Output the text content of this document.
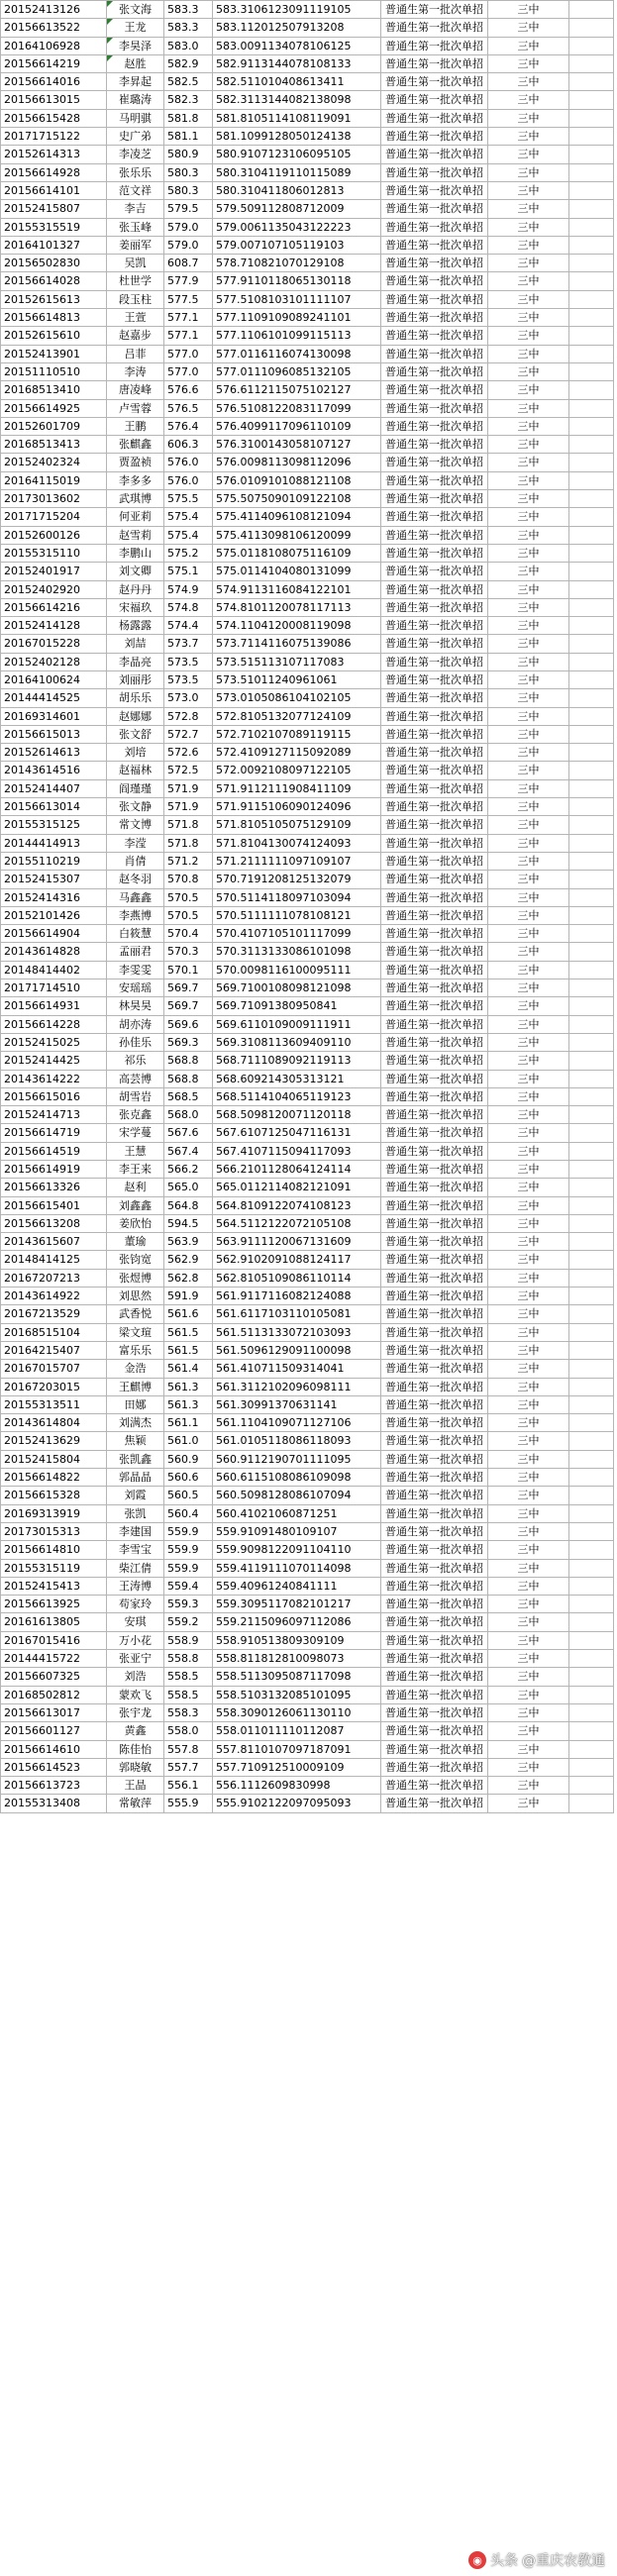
20152413126	张文海	583.3	583.3106123091119105	普通生第一批次单招	三中	
20156613522	王龙	583.3	583.112012507913208	普通生第一批次单招	三中	
20164106928	李昊泽	583.0	583.0091134078106125	普通生第一批次单招	三中	
20156614219	赵胜	582.9	582.9113144078108133	普通生第一批次单招	三中	
20156614016	李昇起	582.5	582.511010408613411	普通生第一批次单招	三中	
20156613015	崔璐涛	582.3	582.3113144082138098	普通生第一批次单招	三中	
20156615428	马明骐	581.8	581.8105114108119091	普通生第一批次单招	三中	
20171715122	史广弟	581.1	581.1099128050124138	普通生第一批次单招	三中	
20152614313	李凌芝	580.9	580.9107123106095105	普通生第一批次单招	三中	
20156614928	张乐乐	580.3	580.3104119110115089	普通生第一批次单招	三中	
20156614101	范文祥	580.3	580.310411806012813	普通生第一批次单招	三中	
20152415807	李吉	579.5	579.509112808712009	普通生第一批次单招	三中	
20155315519	张玉峰	579.0	579.0061135043122223	普通生第一批次单招	三中	
20164101327	姜丽军	579.0	579.007107105119103	普通生第一批次单招	三中	
20156502830	吴凯	608.7	578.710821070129108	普通生第一批次单招	三中	
20156614028	杜世学	577.9	577.9110118065130118	普通生第一批次单招	三中	
20152615613	段玉柱	577.5	577.5108103101111107	普通生第一批次单招	三中	
20156614813	王萱	577.1	577.1109109089241101	普通生第一批次单招	三中	
20152615610	赵嘉步	577.1	577.1106101099115113	普通生第一批次单招	三中	
20152413901	吕菲	577.0	577.0116116074130098	普通生第一批次单招	三中	
20151110510	李涛	577.0	577.0111096085132105	普通生第一批次单招	三中	
20168513410	唐凌峰	576.6	576.6112115075102127	普通生第一批次单招	三中	
20156614925	卢雪蓉	576.5	576.5108122083117099	普通生第一批次单招	三中	
20152601709	王鹏	576.4	576.4099117096110109	普通生第一批次单招	三中	
20168513413	张麒鑫	606.3	576.3100143058107127	普通生第一批次单招	三中	
20152402324	贾盈祯	576.0	576.0098113098112096	普通生第一批次单招	三中	
20164115019	李多多	576.0	576.0109101088121108	普通生第一批次单招	三中	
20173013602	武琪博	575.5	575.5075090109122108	普通生第一批次单招	三中	
20171715204	何亚莉	575.4	575.4114096108121094	普通生第一批次单招	三中	
20152600126	赵雪莉	575.4	575.4113098106120099	普通生第一批次单招	三中	
20155315110	李鹏山	575.2	575.0118108075116109	普通生第一批次单招	三中	
20152401917	刘文卿	575.1	575.0114104080131099	普通生第一批次单招	三中	
20152402920	赵丹丹	574.9	574.9113116084122101	普通生第一批次单招	三中	
20156614216	宋福玖	574.8	574.8101120078117113	普通生第一批次单招	三中	
20152414128	杨露露	574.4	574.1104120008119098	普通生第一批次单招	三中	
20167015228	刘喆	573.7	573.7114116075139086	普通生第一批次单招	三中	
20152402128	李晶亮	573.5	573.515113107117083	普通生第一批次单招	三中	
20164100624	刘丽彤	573.5	573.51011240961061	普通生第一批次单招	三中	
20144414525	胡乐乐	573.0	573.0105086104102105	普通生第一批次单招	三中	
20169314601	赵娜娜	572.8	572.8105132077124109	普通生第一批次单招	三中	
20156615013	张文舒	572.7	572.7102107089119115	普通生第一批次单招	三中	
20152614613	刘培	572.6	572.4109127115092089	普通生第一批次单招	三中	
20143614516	赵福林	572.5	572.0092108097122105	普通生第一批次单招	三中	
20152414407	阎瑾瑾	571.9	571.9112111908411109	普通生第一批次单招	三中	
20156613014	张文静	571.9	571.9115106090124096	普通生第一批次单招	三中	
20155315125	常文博	571.8	571.8105105075129109	普通生第一批次单招	三中	
20144414913	李滢	571.8	571.8104130074124093	普通生第一批次单招	三中	
20155110219	肖倩	571.2	571.2111111097109107	普通生第一批次单招	三中	
20152415307	赵冬羽	570.8	570.7191208125132079	普通生第一批次单招	三中	
20152414316	马鑫鑫	570.5	570.5114118097103094	普通生第一批次单招	三中	
20152101426	李燕博	570.5	570.5111111078108121	普通生第一批次单招	三中	
20156614904	白筱慧	570.4	570.4107105101117099	普通生第一批次单招	三中	
20143614828	孟丽君	570.3	570.3113133086101098	普通生第一批次单招	三中	
20148414402	李雯雯	570.1	570.0098116100095111	普通生第一批次单招	三中	
20171714510	安瑶瑶	569.7	569.7100108098121098	普通生第一批次单招	三中	
20156614931	林昊昊	569.7	569.71091380950841	普通生第一批次单招	三中	
20156614228	胡亦涛	569.6	569.6110109009111911	普通生第一批次单招	三中	
20152415025	孙佳乐	569.3	569.3108113609409110	普通生第一批次单招	三中	
20152414425	祁乐	568.8	568.7111089092119113	普通生第一批次单招	三中	
20143614222	高芸博	568.8	568.609214305313121	普通生第一批次单招	三中	
20156615016	胡雪岩	568.5	568.5114104065119123	普通生第一批次单招	三中	
20152414713	张克鑫	568.0	568.5098120071120118	普通生第一批次单招	三中	
20156614719	宋学蔓	567.6	567.6107125047116131	普通生第一批次单招	三中	
20156614519	王慧	567.4	567.4107115094117093	普通生第一批次单招	三中	
20156614919	李王来	566.2	566.2101128064124114	普通生第一批次单招	三中	
20156613326	赵利	565.0	565.0112114082121091	普通生第一批次单招	三中	
20156615401	刘鑫鑫	564.8	564.8109122074108123	普通生第一批次单招	三中	
20156613208	姜欣怡	594.5	564.5112122072105108	普通生第一批次单招	三中	
20143615607	董瑜	563.9	563.9111120067131609	普通生第一批次单招	三中	
20148414125	张钧宽	562.9	562.9102091088124117	普通生第一批次单招	三中	
20167207213	张煜博	562.8	562.8105109086110114	普通生第一批次单招	三中	
20143614922	刘思然	591.9	561.9117116082124088	普通生第一批次单招	三中	
20167213529	武香悦	561.6	561.6117103110105081	普通生第一批次单招	三中	
20168515104	梁文瑄	561.5	561.5113133072103093	普通生第一批次单招	三中	
20164215407	富乐乐	561.5	561.5096129091100098	普通生第一批次单招	三中	
20167015707	金浩	561.4	561.410711509314041	普通生第一批次单招	三中	
20167203015	王麒博	561.3	561.3112102096098111	普通生第一批次单招	三中	
20155313511	田娜	561.3	561.30991370631141	普通生第一批次单招	三中	
20143614804	刘满杰	561.1	561.1104109071127106	普通生第一批次单招	三中	
20152413629	焦颖	561.0	561.0105118086118093	普通生第一批次单招	三中	
20152415804	张凯鑫	560.9	560.9112190701111095	普通生第一批次单招	三中	
20156614822	郭晶晶	560.6	560.6115108086109098	普通生第一批次单招	三中	
20156615328	刘霞	560.5	560.5098128086107094	普通生第一批次单招	三中	
20169313919	张凯	560.4	560.41021060871251	普通生第一批次单招	三中	
20173015313	李建国	559.9	559.91091480109107	普通生第一批次单招	三中	
20156614810	李雪宝	559.9	559.9098122091104110	普通生第一批次单招	三中	
20155315119	柴江倩	559.9	559.4119111070114098	普通生第一批次单招	三中	
20152415413	王涛博	559.4	559.40961240841111	普通生第一批次单招	三中	
20156613925	苟家玲	559.3	559.3095117082101217	普通生第一批次单招	三中	
20161613805	安琪	559.2	559.2115096097112086	普通生第一批次单招	三中	
20167015416	万小花	558.9	558.910513809309109	普通生第一批次单招	三中	
20144415722	张亚宁	558.8	558.811812810098073	普通生第一批次单招	三中	
20156607325	刘浩	558.5	558.5113095087117098	普通生第一批次单招	三中	
20168502812	蒙欢飞	558.5	558.5103132085101095	普通生第一批次单招	三中	
20156613017	张宇龙	558.3	558.3090126061130110	普通生第一批次单招	三中	
20156601127	黄鑫	558.0	558.011011110112087	普通生第一批次单招	三中	
20156614610	陈佳怡	557.8	557.8110107097187091	普通生第一批次单招	三中	
20156614523	郭晓敏	557.7	557.710912510009109	普通生第一批次单招	三中	
20156613723	王晶	556.1	556.1112609830998	普通生第一批次单招	三中	
20155313408	常敏萍	555.9	555.9102122097095093	普通生第一批次单招	三中	
◉ 头条 @重庆农教通
